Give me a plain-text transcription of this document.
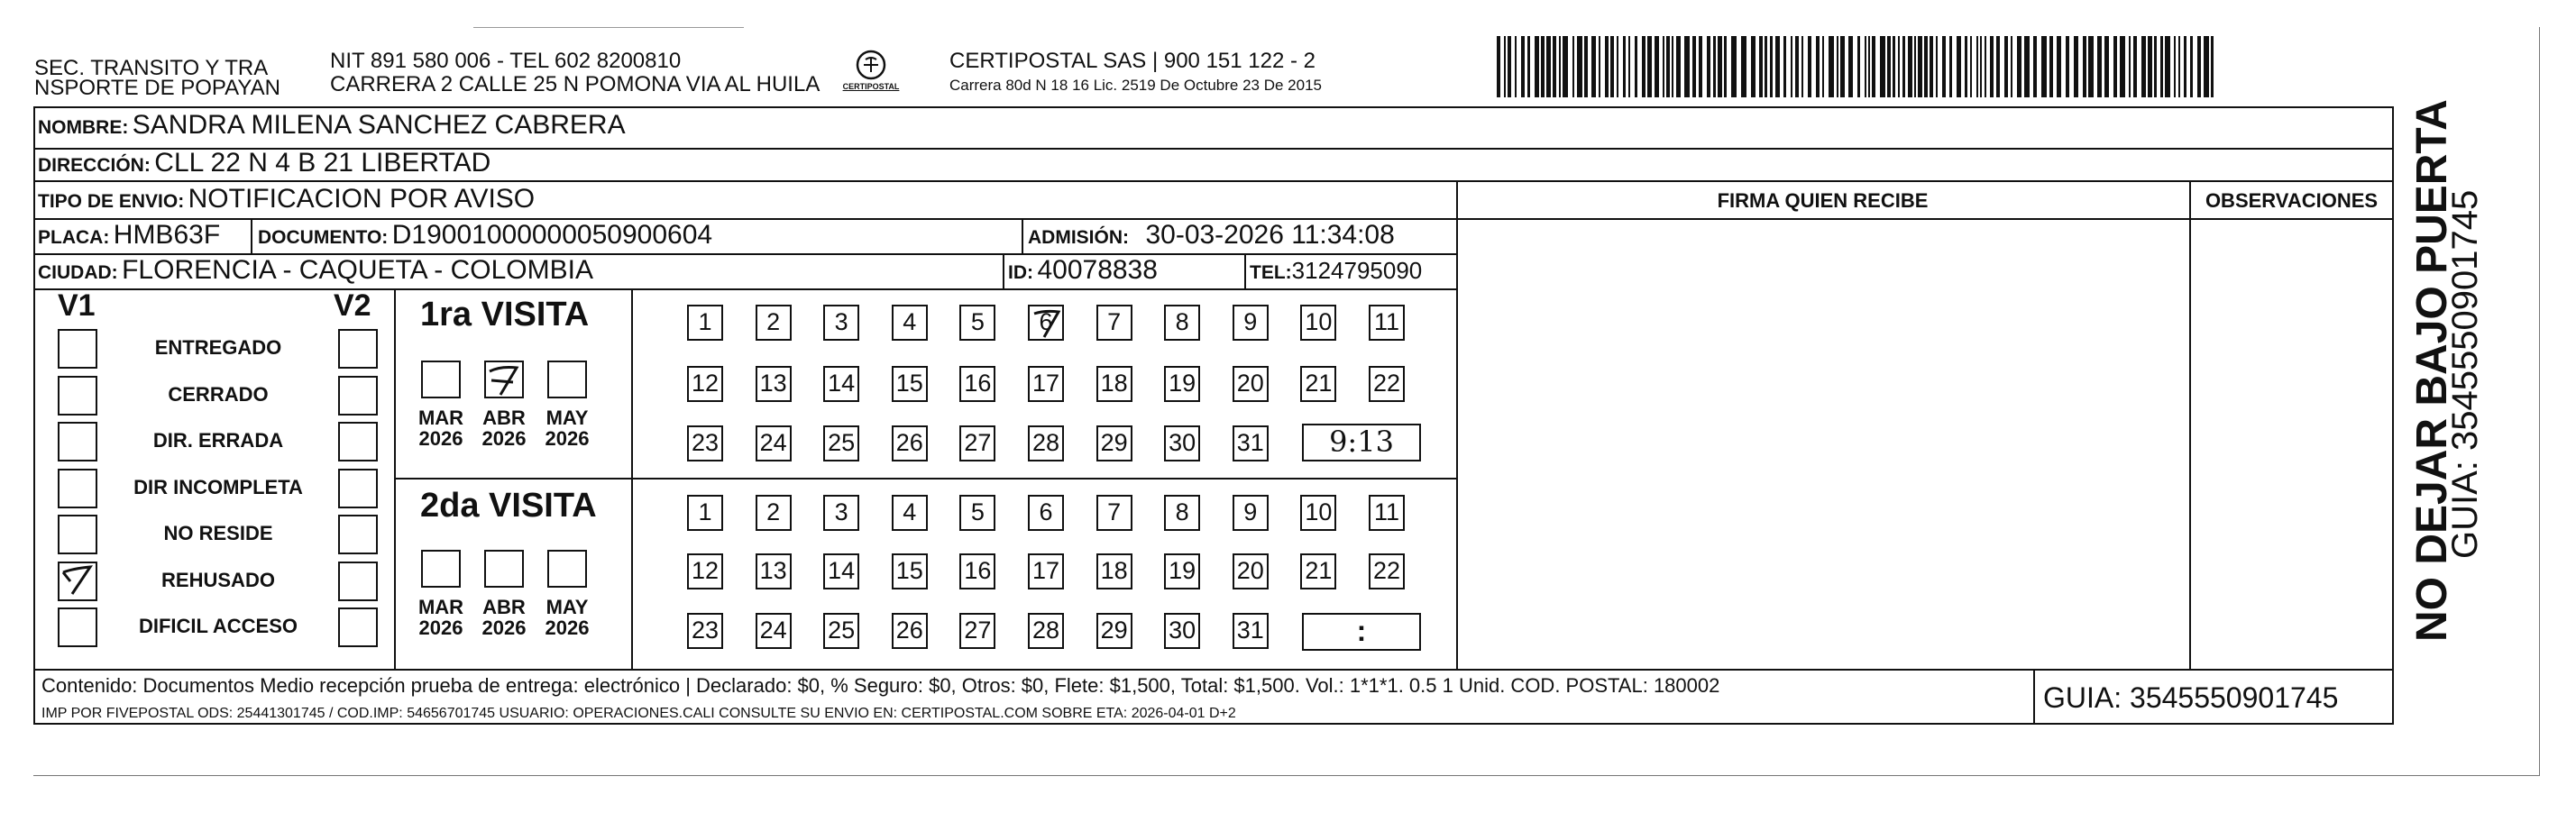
SEC. TRANSITO Y TRA
NSPORTE DE POPAYAN
NIT 891 580 006 - TEL 602 8200810
CARRERA 2 CALLE 25 N POMONA VIA AL HUILA	CERTIPOSTAL
CERTIPOSTAL SAS | 900 151 122 - 2
Carrera 80d N 18 16 Lic. 2519 De Octubre 23 De 2015
NOMBRE: SANDRA MILENA SANCHEZ CABRERA
DIRECCIÓN: CLL 22 N 4 B 21 LIBERTAD
TIPO DE ENVIO: NOTIFICACION POR AVISO	FIRMA QUIEN RECIBE	OBSERVACIONES
PLACA: HMB63F DOCUMENTO: D19001000000050900604	ADMISIÓN: 30-03-2026 11:34:08
CIUDAD: FLORENCIA - CAQUETA - COLOMBIA	ID: 40078838	TEL:3124795090
V1	V2
ENTREGADO
CERRADO
DIR. ERRADA
DIR INCOMPLETA
NO RESIDE
REHUSADO
DIFICIL ACCESO
1ra VISITA
2da VISITA
MAR
2026
ABR
2026
MAY
2026
MAR
2026
ABR
2026
MAY
2026
1	2	3	4	5	6	7	8	9	10 11
12 13 14 15 16 17 18 19 20 21 22
23 24 25 26 27 28 29 30 31
1	2	3	4	5	6	7	8	9	10 11
12 13 14 15 16 17 18 19 20 21 22
23 24 25 26 27 28 29 30 31
9:13
:
Contenido: Documentos Medio recepción prueba de entrega: electrónico | Declarado: $0, % Seguro: $0, Otros: $0, Flete: $1,500, Total: $1,500. Vol.: 1*1*1. 0.5 1 Unid. COD. POSTAL: 180002
IMP POR FIVEPOSTAL ODS: 25441301745 / COD.IMP: 54656701745 USUARIO: OPERACIONES.CALI CONSULTE SU ENVIO EN: CERTIPOSTAL.COM SOBRE ETA: 2026-04-01 D+2	GUIA: 3545550901745
NO DEJAR BAJO PUERTA
GUIA: 3545550901745
